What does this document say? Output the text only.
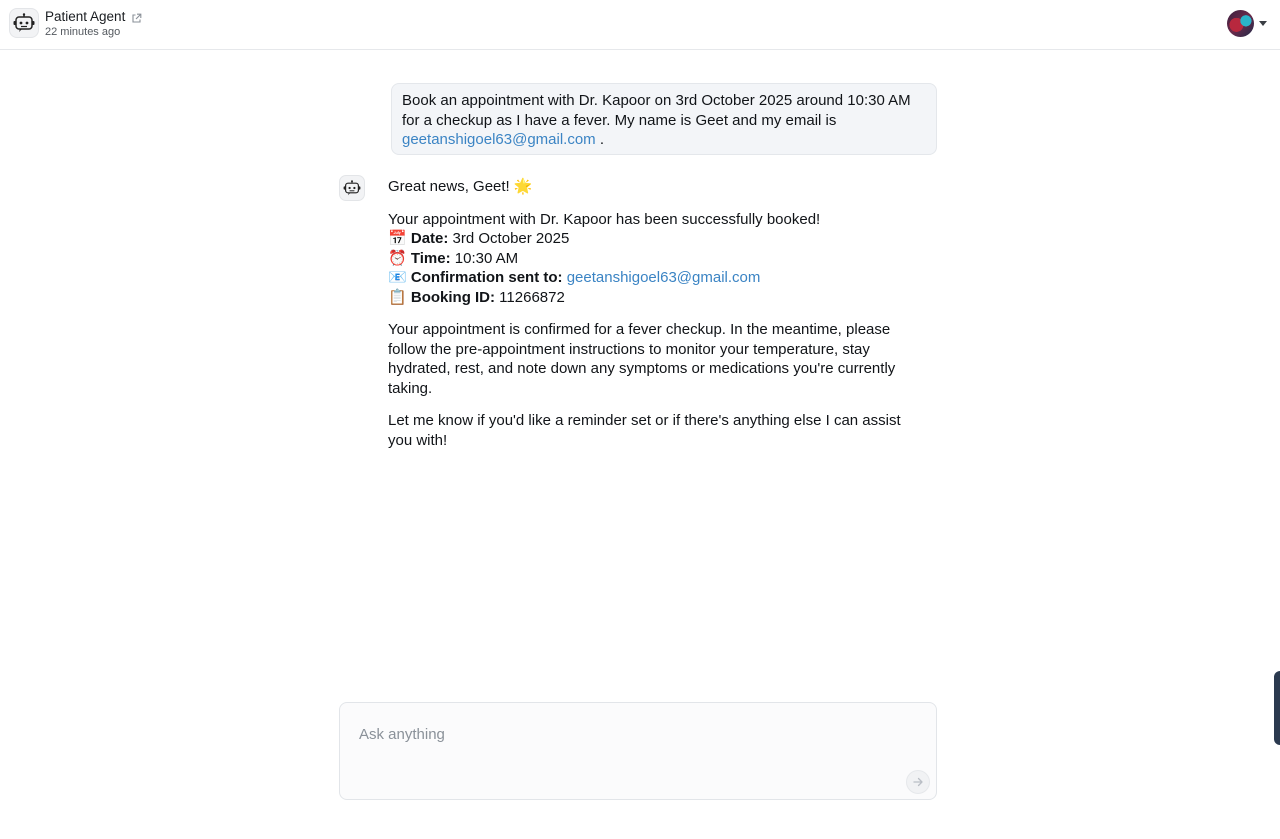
Patient Agent
22 minutes ago
Book an appointment with Dr. Kapoor on 3rd October 2025 around 10:30 AM for a checkup as I have a fever. My name is Geet and my email is geetanshigoel63@gmail.com .

Great news, Geet! 🌟

Your appointment with Dr. Kapoor has been successfully booked!
📅 Date: 3rd October 2025
⏰ Time: 10:30 AM
📧 Confirmation sent to: geetanshigoel63@gmail.com
📋 Booking ID: 11266872

Your appointment is confirmed for a fever checkup. In the meantime, please follow the pre-appointment instructions to monitor your temperature, stay hydrated, rest, and note down any symptoms or medications you're currently taking.

Let me know if you'd like a reminder set or if there's anything else I can assist you with!

Ask anything
